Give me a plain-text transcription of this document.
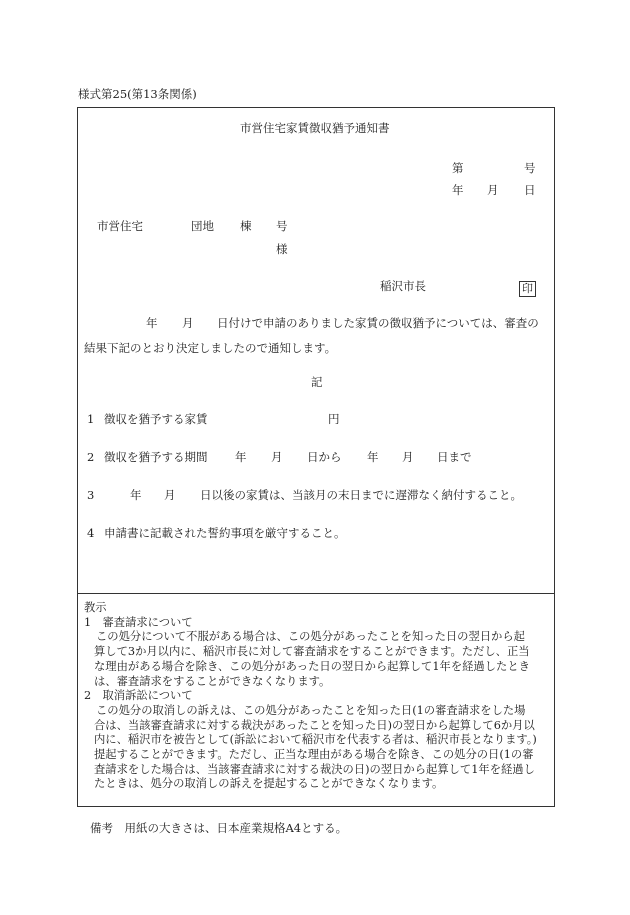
様式第25(第13条関係)
市営住宅家賃徴収猶予通知書
第	号
年 月 日
市営住宅	団地 棟 号
様
稲沢市長	印
年 月 日付けで申請のありました家賃の徴収猶予については、審査の
結果下記のとおり決定しましたので通知します。
記
1 徴収を猶予する家賃	円
2 徴収を猶予する期間 年 月 日から 年 月 日まで
3	年 月 日以後の家賃は、当該月の末日までに遅滞なく納付すること。
4 申請書に記載された誓約事項を厳守すること。

教示

1　審査請求について

この処分について不服がある場合は、この処分があったことを知った日の翌日から起

算して3か月以内に、稲沢市長に対して審査請求をすることができます。ただし、正当

な理由がある場合を除き、この処分があった日の翌日から起算して1年を経過したとき

は、審査請求をすることができなくなります。

2　取消訴訟について

この処分の取消しの訴えは、この処分があったことを知った日(1の審査請求をした場

合は、当該審査請求に対する裁決があったことを知った日)の翌日から起算して6か月以

内に、稲沢市を被告として(訴訟において稲沢市を代表する者は、稲沢市長となります。)

提起することができます。ただし、正当な理由がある場合を除き、この処分の日(1の審

査請求をした場合は、当該審査請求に対する裁決の日)の翌日から起算して1年を経過し

たときは、処分の取消しの訴えを提起することができなくなります。

備考　用紙の大きさは、日本産業規格A4とする。
